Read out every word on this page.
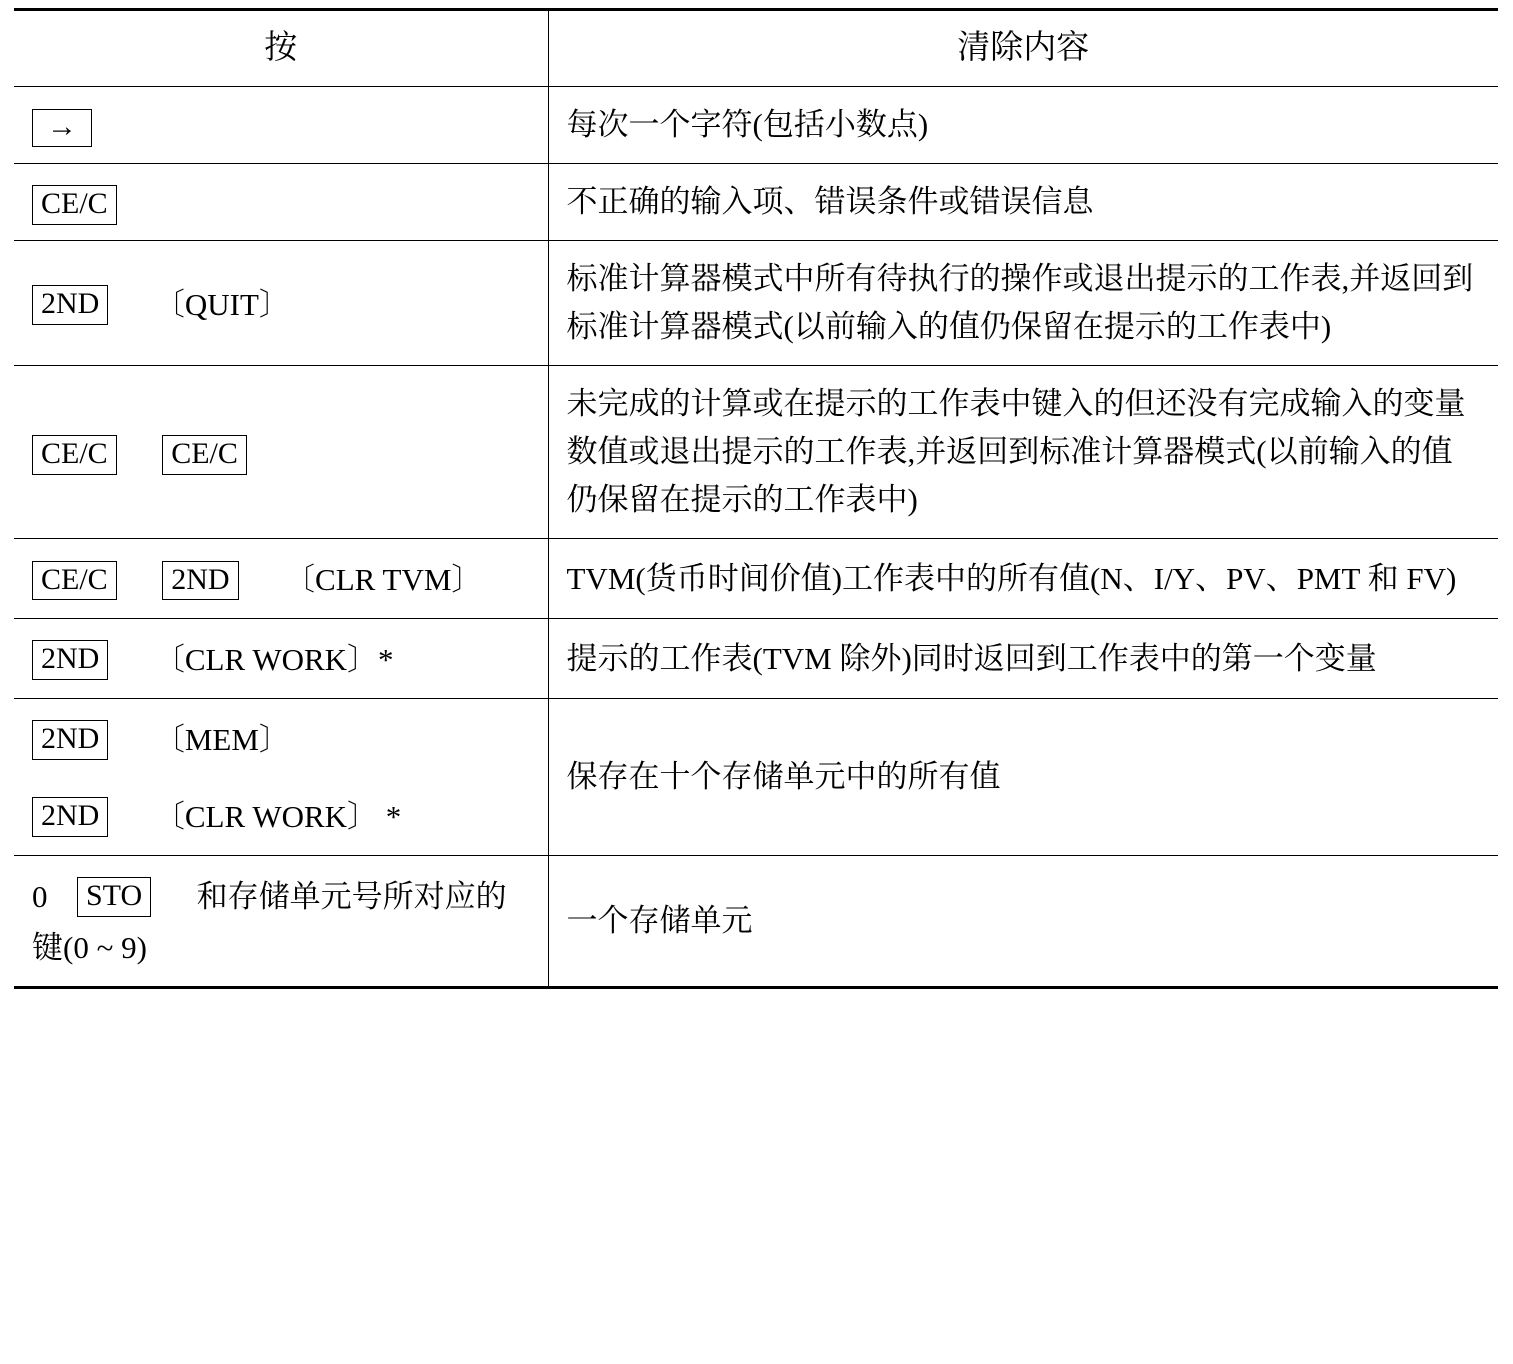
按	清除内容

→	每次一个字符(包括小数点)

CE/C	不正确的输入项、错误条件或错误信息

2ND 〔QUIT〕	标准计算器模式中所有待执行的操作或退出提示的工作表,并返回到标准计算器模式(以前输入的值仍保留在提示的工作表中)

CE/C CE/C	未完成的计算或在提示的工作表中键入的但还没有完成输入的变量数值或退出提示的工作表,并返回到标准计算器模式(以前输入的值仍保留在提示的工作表中)

CE/C 2ND 〔CLR TVM〕	TVM(货币时间价值)工作表中的所有值(N、I/Y、PV、PMT 和 FV)

2ND 〔CLR WORK〕*	提示的工作表(TVM 除外)同时返回到工作表中的第一个变量

2ND 〔MEM〕
2ND 〔CLR WORK〕 *	保存在十个存储单元中的所有值
0 STO 和存储单元号所对应的键(0 ~ 9)	一个存储单元
